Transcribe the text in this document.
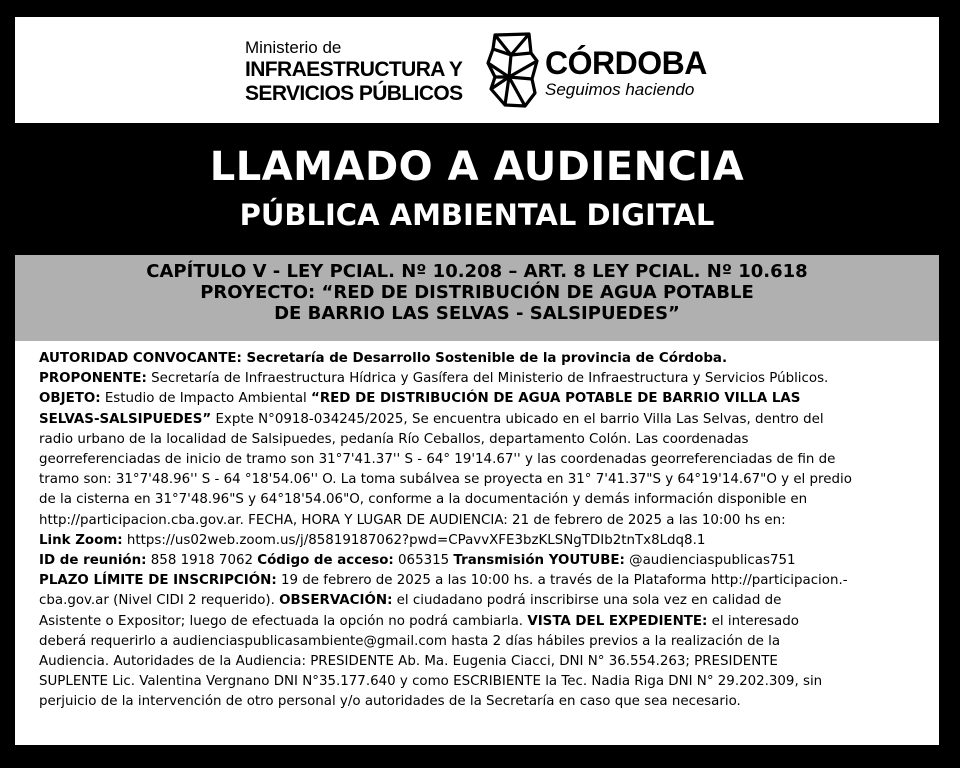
Ministerio de
INFRAESTRUCTURA Y
SERVICIOS PÚBLICOS
CÓRDOBA
Seguimos haciendo
LLAMADO A AUDIENCIA
PÚBLICA AMBIENTAL DIGITAL
CAPÍTULO V - LEY PCIAL. Nº 10.208 – ART. 8 LEY PCIAL. Nº 10.618
PROYECTO: “RED DE DISTRIBUCIÓN DE AGUA POTABLE
DE BARRIO LAS SELVAS - SALSIPUEDES”
AUTORIDAD CONVOCANTE: Secretaría de Desarrollo Sostenible de la provincia de Córdoba.
PROPONENTE: Secretaría de Infraestructura Hídrica y Gasífera del Ministerio de Infraestructura y Servicios Públicos.
OBJETO: Estudio de Impacto Ambiental “RED DE DISTRIBUCIÓN DE AGUA POTABLE DE BARRIO VILLA LAS
SELVAS-SALSIPUEDES” Expte N°0918-034245/2025, Se encuentra ubicado en el barrio Villa Las Selvas, dentro del
radio urbano de la localidad de Salsipuedes, pedanía Río Ceballos, departamento Colón. Las coordenadas
georreferenciadas de inicio de tramo son 31°7'41.37'' S - 64° 19'14.67'' y las coordenadas georreferenciadas de fin de
tramo son: 31°7'48.96'' S - 64 °18'54.06'' O. La toma subálvea se proyecta en 31° 7'41.37"S y 64°19'14.67"O y el predio
de la cisterna en 31°7'48.96"S y 64°18'54.06"O, conforme a la documentación y demás información disponible en
http://participacion.cba.gov.ar. FECHA, HORA Y LUGAR DE AUDIENCIA: 21 de febrero de 2025 a las 10:00 hs en:
Link Zoom: https://us02web.zoom.us/j/85819187062?pwd=CPavvXFE3bzKLSNgTDIb2tnTx8Ldq8.1
ID de reunión: 858 1918 7062 Código de acceso: 065315 Transmisión YOUTUBE: @audienciaspublicas751
PLAZO LÍMITE DE INSCRIPCIÓN: 19 de febrero de 2025 a las 10:00 hs. a través de la Plataforma http://participacion.-
cba.gov.ar (Nivel CIDI 2 requerido). OBSERVACIÓN: el ciudadano podrá inscribirse una sola vez en calidad de
Asistente o Expositor; luego de efectuada la opción no podrá cambiarla. VISTA DEL EXPEDIENTE: el interesado
deberá requerirlo a audienciaspublicasambiente@gmail.com hasta 2 días hábiles previos a la realización de la
Audiencia. Autoridades de la Audiencia: PRESIDENTE Ab. Ma. Eugenia Ciacci, DNI N° 36.554.263; PRESIDENTE
SUPLENTE Lic. Valentina Vergnano DNI N°35.177.640 y como ESCRIBIENTE la Tec. Nadia Riga DNI N° 29.202.309, sin
perjuicio de la intervención de otro personal y/o autoridades de la Secretaría en caso que sea necesario.
